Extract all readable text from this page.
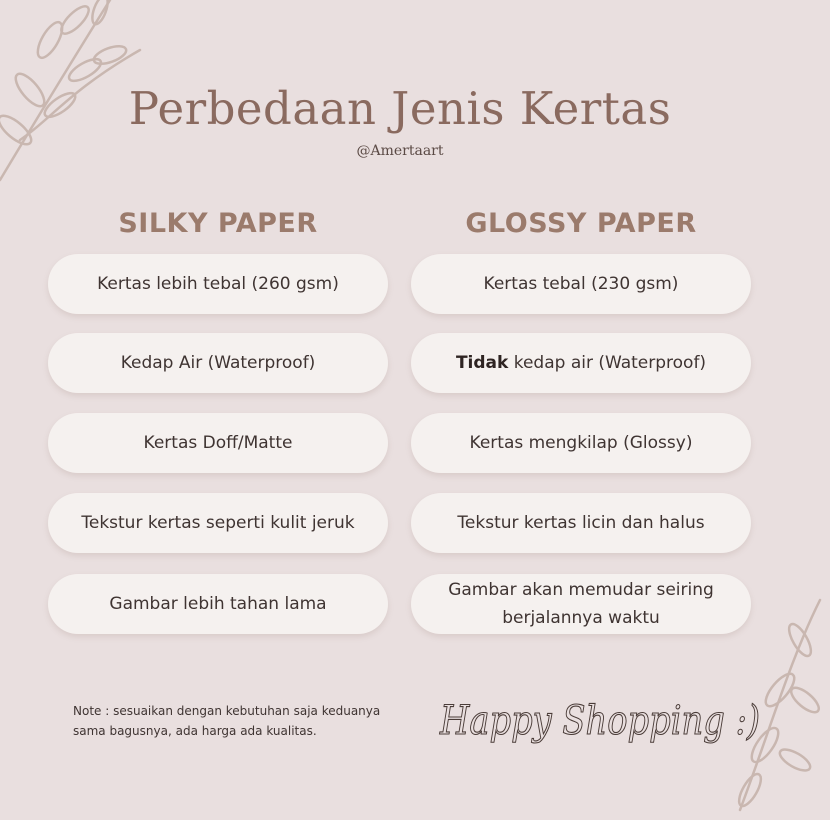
Perbedaan Jenis Kertas
@Amertaart
SILKY PAPER
Kertas lebih tebal (260 gsm)
Kedap Air (Waterproof)
Kertas Doff/Matte
Tekstur kertas seperti kulit jeruk
Gambar lebih tahan lama
GLOSSY PAPER
Kertas tebal (230 gsm)
Tidak kedap air (Waterproof)
Kertas mengkilap (Glossy)
Tekstur kertas licin dan halus
Gambar akan memudar seiring berjalannya waktu
Note : sesuaikan dengan kebutuhan saja keduanya sama bagusnya, ada harga ada kualitas.	Happy Shopping :)
